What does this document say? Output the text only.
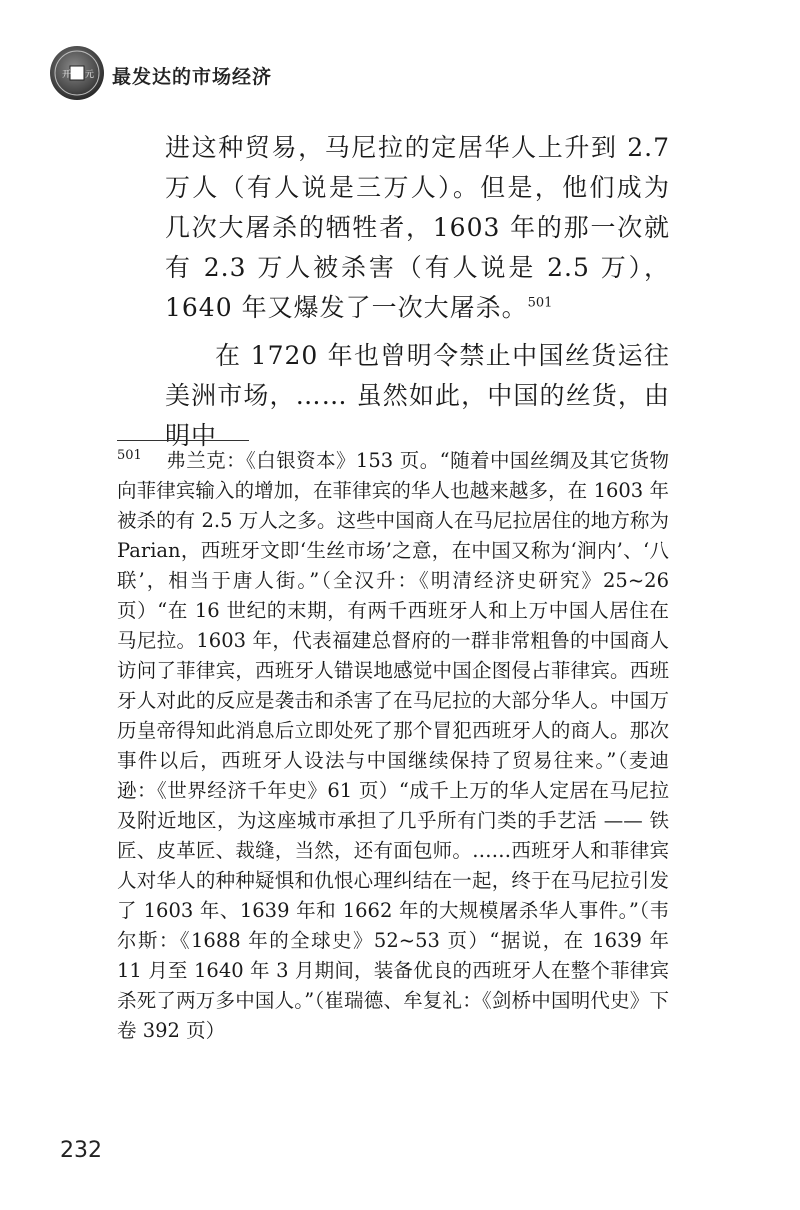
开 元 最发达的市场经济

进这种贸易，马尼拉的定居华人上升到 2.7 万人（有人说是三万人）。但是，他们成为几次大屠杀的牺牲者，1603 年的那一次就有 2.3 万人被杀害（有人说是 2.5 万），1640 年又爆发了一次大屠杀。$^{501}$

在 1720 年也曾明令禁止中国丝货运往美洲市场，…… 虽然如此，中国的丝货，由明中

$^{501}$ 弗兰克：《白银资本》153 页。“随着中国丝绸及其它货物向菲律宾输入的增加，在菲律宾的华人也越来越多，在 1603 年被杀的有 2.5 万人之多。这些中国商人在马尼拉居住的地方称为 Parian，西班牙文即‘生丝市场’之意，在中国又称为‘涧内’、‘八联’，相当于唐人街。”（全汉升：《明清经济史研究》25~26 页）“在 16 世纪的末期，有两千西班牙人和上万中国人居住在马尼拉。1603 年，代表福建总督府的一群非常粗鲁的中国商人访问了菲律宾，西班牙人错误地感觉中国企图侵占菲律宾。西班牙人对此的反应是袭击和杀害了在马尼拉的大部分华人。中国万历皇帝得知此消息后立即处死了那个冒犯西班牙人的商人。那次事件以后，西班牙人设法与中国继续保持了贸易往来。”（麦迪逊：《世界经济千年史》61 页）“成千上万的华人定居在马尼拉及附近地区，为这座城市承担了几乎所有门类的手艺活 —— 铁匠、皮革匠、裁缝，当然，还有面包师。……西班牙人和菲律宾人对华人的种种疑惧和仇恨心理纠结在一起，终于在马尼拉引发了 1603 年、1639 年和 1662 年的大规模屠杀华人事件。”（韦尔斯：《1688 年的全球史》52~53 页）“据说，在 1639 年 11 月至 1640 年 3 月期间，装备优良的西班牙人在整个菲律宾杀死了两万多中国人。”（崔瑞德、牟复礼：《剑桥中国明代史》下卷 392 页）

232
